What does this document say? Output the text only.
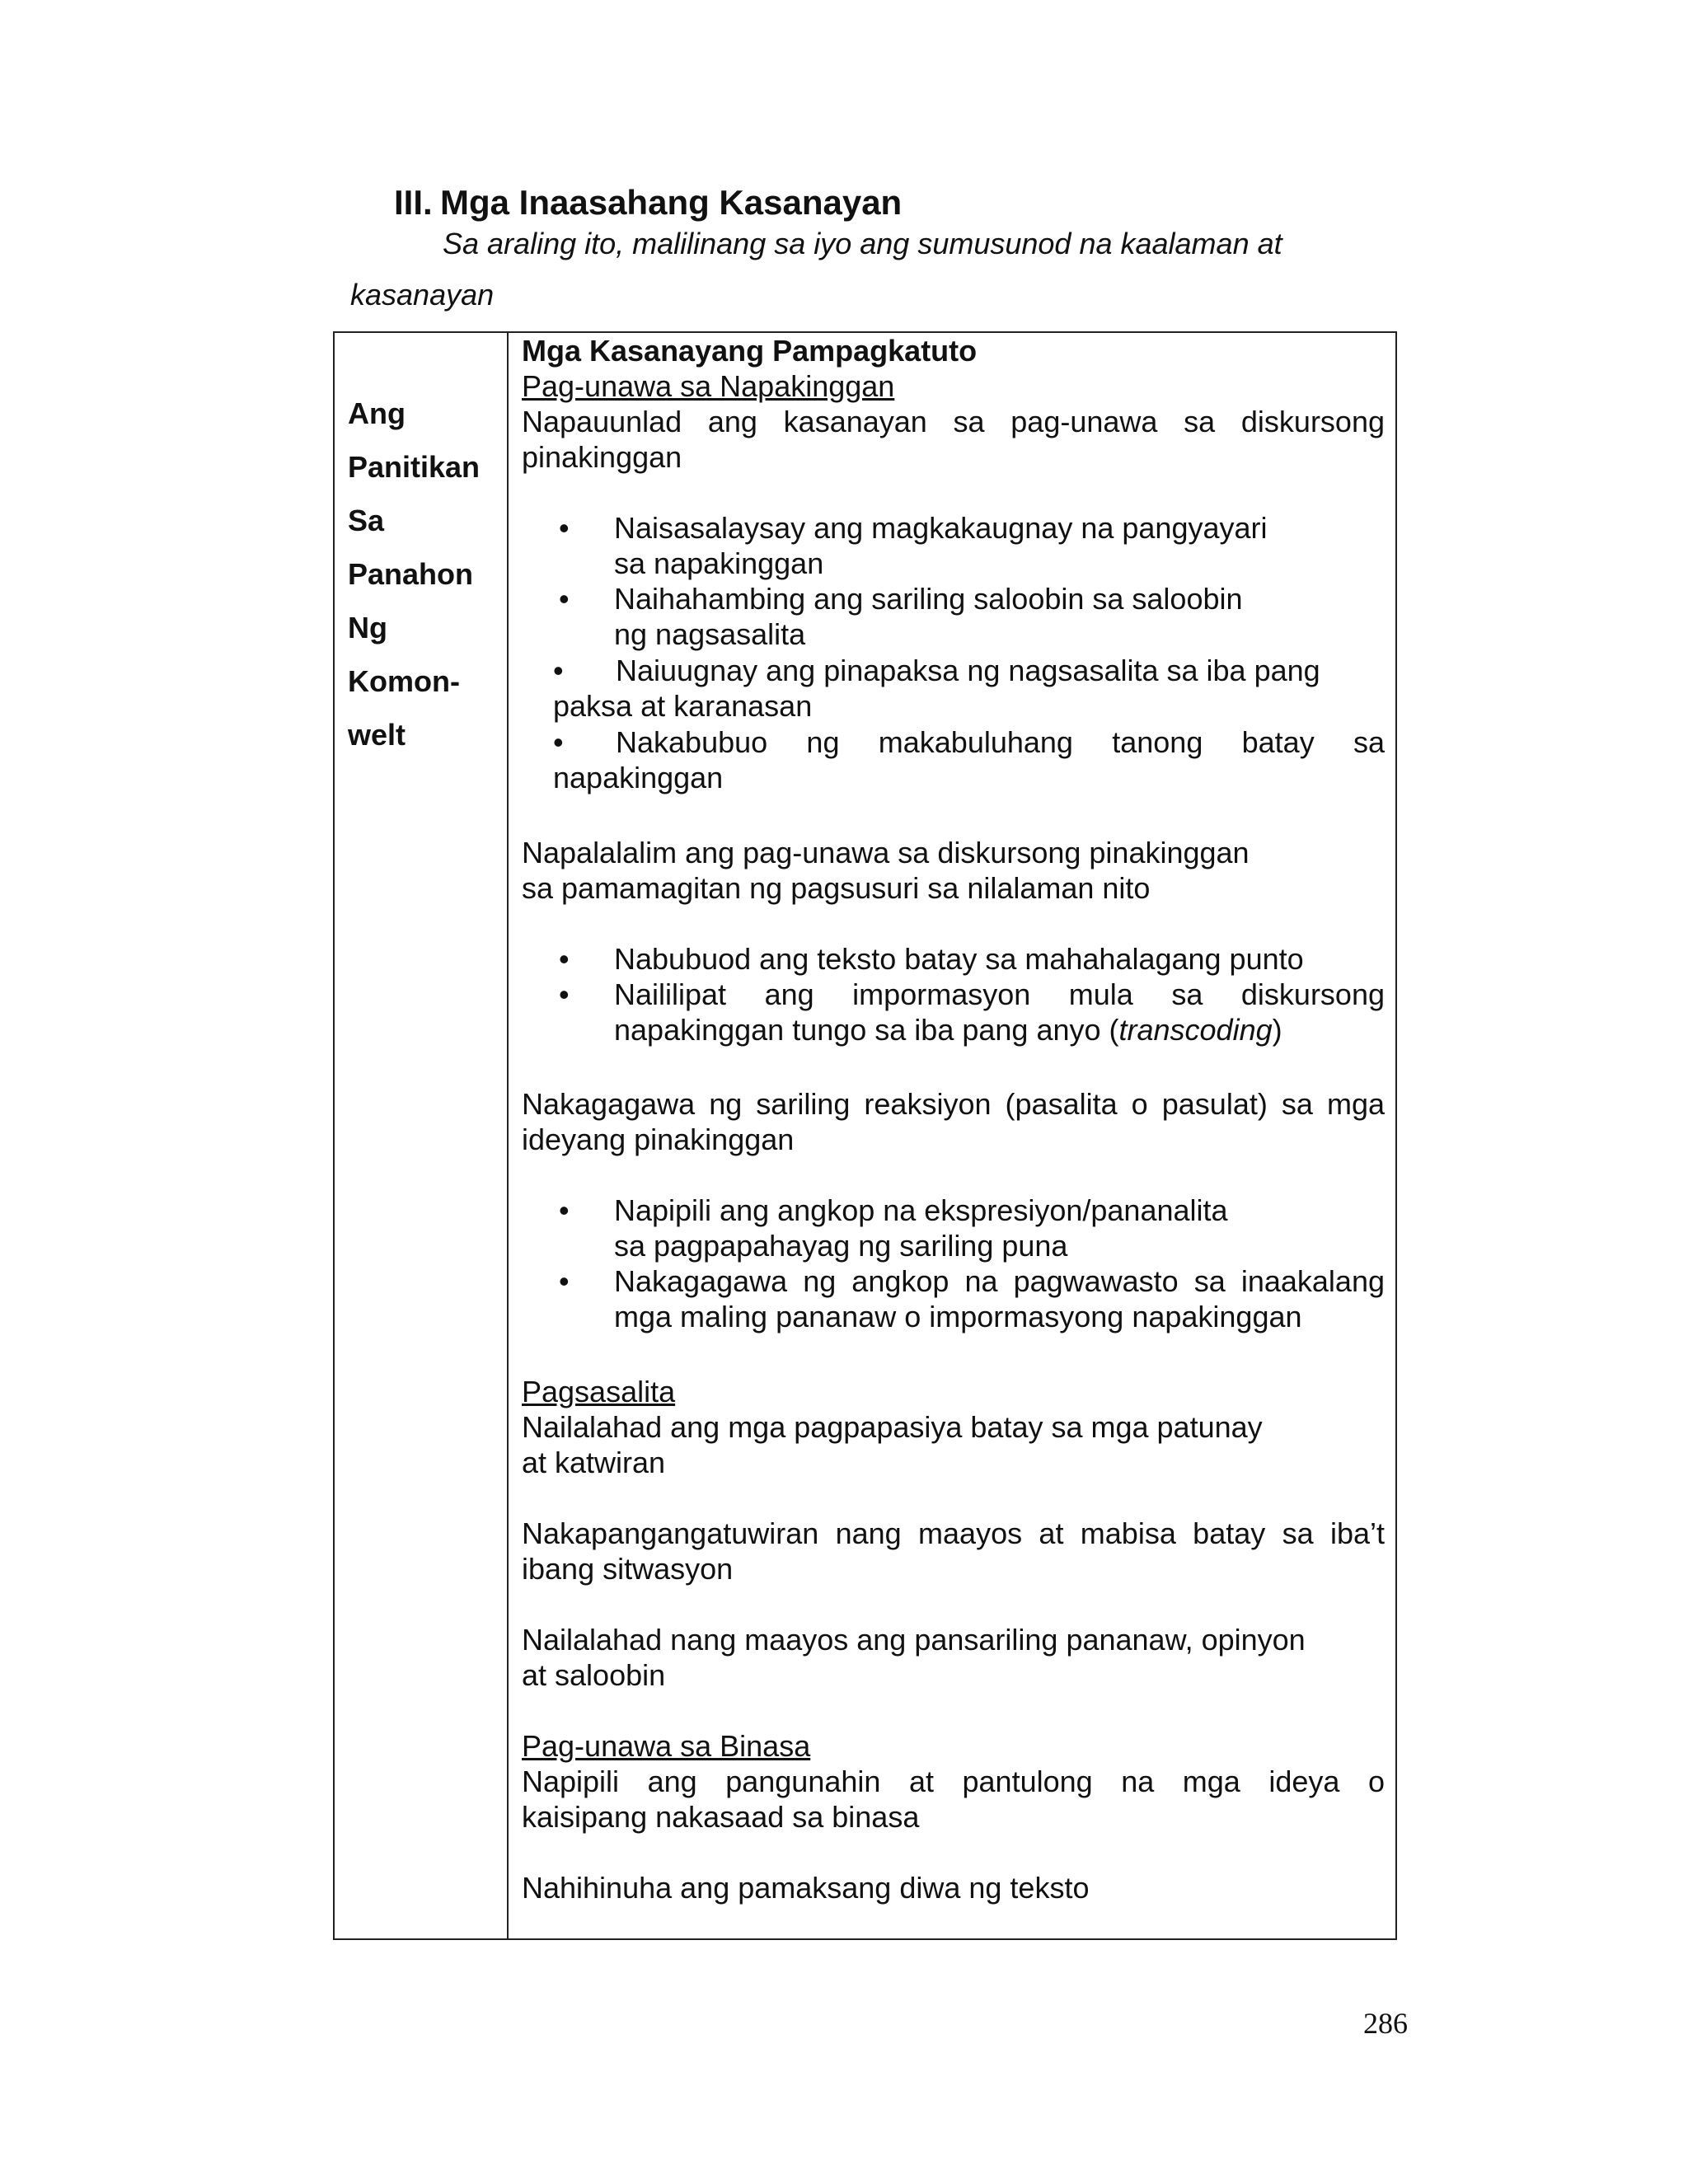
III. Mga Inaasahang Kasanayan
Sa araling ito, malilinang sa iyo ang sumusunod na kaalaman at
kasanayan
Ang
Panitikan
Sa
Panahon
Ng
Komon-
welt
Mga Kasanayang Pampagkatuto
Pag-unawa sa Napakinggan

Napauunlad ang kasanayan sa pag-unawa sa diskursong

pinakinggan

• Naisasalaysay ang magkakaugnay na pangyayari
sa napakinggan
• Naihahambing ang sariling saloobin sa saloobin
ng nagsasalita
• Naiuugnay ang pinapaksa ng nagsasalita sa iba pang
paksa at karanasan
• Nakabubuo ng makabuluhang tanong batay sa
napakinggan

Napalalalim ang pag-unawa sa diskursong pinakinggan

sa pamamagitan ng pagsusuri sa nilalaman nito

• Nabubuod ang teksto batay sa mahahalagang punto
• Naililipat ang impormasyon mula sa diskursong
napakinggan tungo sa iba pang anyo (transcoding)

Nakagagawa ng sariling reaksiyon (pasalita o pasulat) sa mga

ideyang pinakinggan

• Napipili ang angkop na ekspresiyon/pananalita
sa pagpapahayag ng sariling puna
• Nakagagawa ng angkop na pagwawasto sa inaakalang
mga maling pananaw o impormasyong napakinggan
Pagsasalita

Nailalahad ang mga pagpapasiya batay sa mga patunay

at katwiran

Nakapangangatuwiran nang maayos at mabisa batay sa iba’t

ibang sitwasyon

Nailalahad nang maayos ang pansariling pananaw, opinyon

at saloobin

Pag-unawa sa Binasa

Napipili ang pangunahin at pantulong na mga ideya o

kaisipang nakasaad sa binasa

Nahihinuha ang pamaksang diwa ng teksto

286
